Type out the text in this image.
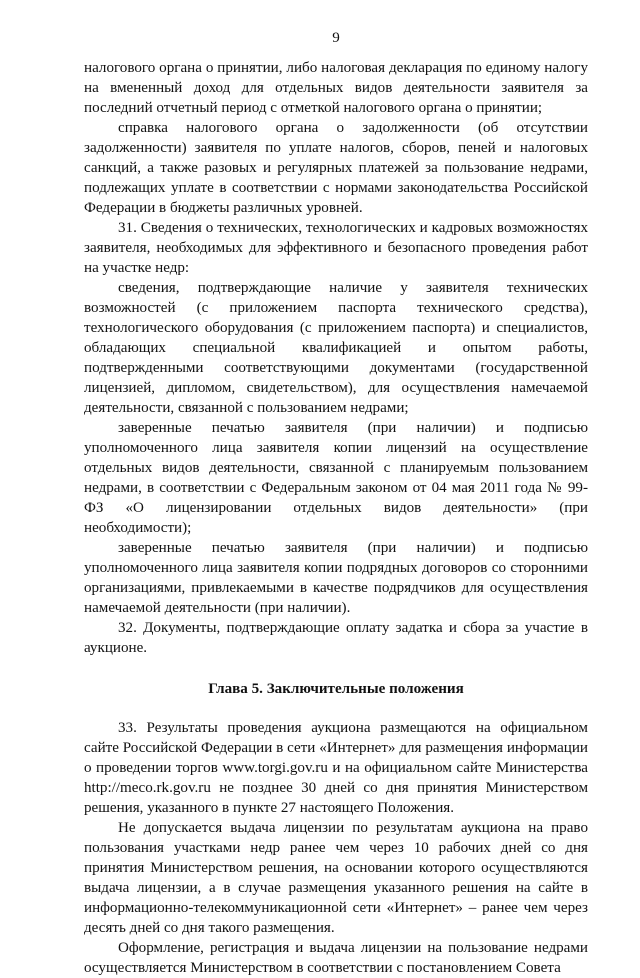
9

налогового органа о принятии, либо налоговая декларация по единому налогу на вмененный доход для отдельных видов деятельности заявителя за последний отчетный период с отметкой налогового органа о принятии;

справка налогового органа о задолженности (об отсутствии задолженности) заявителя по уплате налогов, сборов, пеней и налоговых санкций, а также разовых и регулярных платежей за пользование недрами, подлежащих уплате в соответствии с нормами законодательства Российской Федерации в бюджеты различных уровней.

31. Сведения о технических, технологических и кадровых возможностях заявителя, необходимых для эффективного и безопасного проведения работ на участке недр:

сведения, подтверждающие наличие у заявителя технических возможностей (с приложением паспорта технического средства), технологического оборудования (с приложением паспорта) и специалистов, обладающих специальной квалификацией и опытом работы, подтвержденными соответствующими документами (государственной лицензией, дипломом, свидетельством), для осуществления намечаемой деятельности, связанной с пользованием недрами;

заверенные печатью заявителя (при наличии) и подписью уполномоченного лица заявителя копии лицензий на осуществление отдельных видов деятельности, связанной с планируемым пользованием недрами, в соответствии с Федеральным законом от 04 мая 2011 года № 99-ФЗ «О лицензировании отдельных видов деятельности» (при необходимости);

заверенные печатью заявителя (при наличии) и подписью уполномоченного лица заявителя копии подрядных договоров со сторонними организациями, привлекаемыми в качестве подрядчиков для осуществления намечаемой деятельности (при наличии).

32. Документы, подтверждающие оплату задатка и сбора за участие в аукционе.

Глава 5. Заключительные положения

33. Результаты проведения аукциона размещаются на официальном сайте Российской Федерации в сети «Интернет» для размещения информации о проведении торгов www.torgi.gov.ru и на официальном сайте Министерства http://meco.rk.gov.ru не позднее 30 дней со дня принятия Министерством решения, указанного в пункте 27 настоящего Положения.

Не допускается выдача лицензии по результатам аукциона на право пользования участками недр ранее чем через 10 рабочих дней со дня принятия Министерством решения, на основании которого осуществляются выдача лицензии, а в случае размещения указанного решения на сайте в информационно-телекоммуникационной сети «Интернет» – ранее чем через десять дней со дня такого размещения.

Оформление, регистрация и выдача лицензии на пользование недрами осуществляется Министерством в соответствии с постановлением Совета
